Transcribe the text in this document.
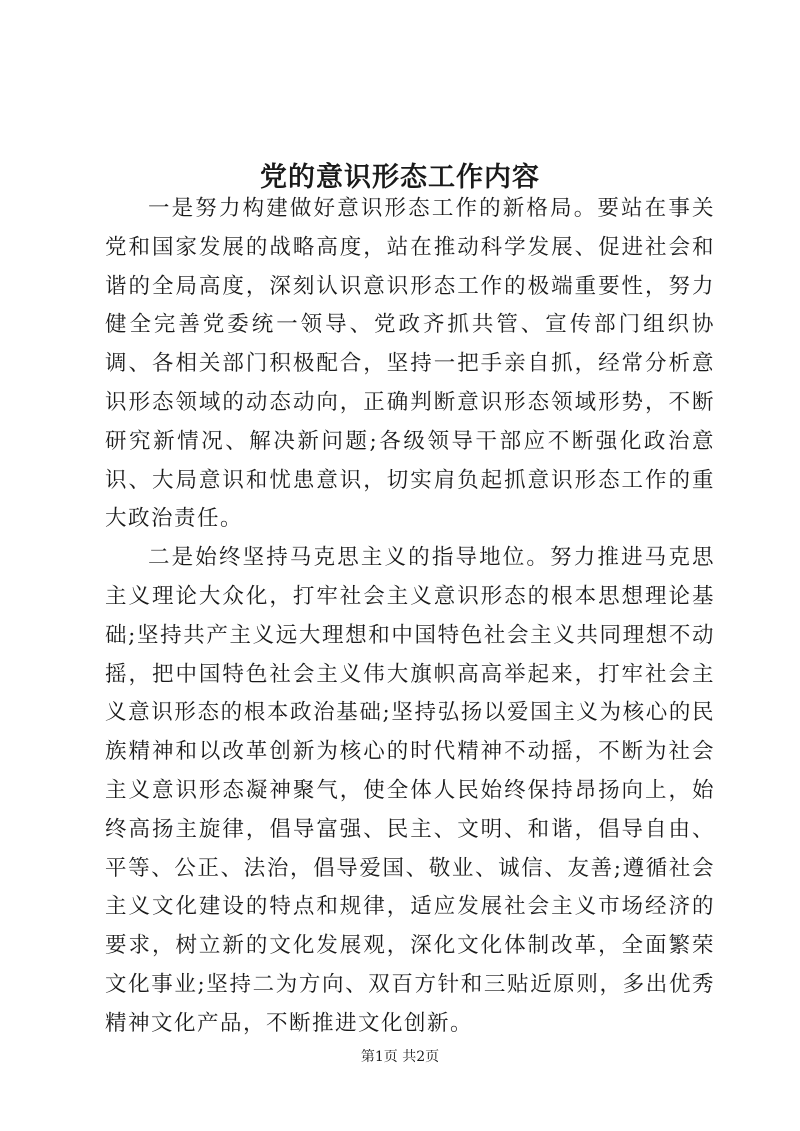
党的意识形态工作内容

一是努力构建做好意识形态工作的新格局。要站在事关党和国家发展的战略高度，站在推动科学发展、促进社会和谐的全局高度，深刻认识意识形态工作的极端重要性，努力健全完善党委统一领导、党政齐抓共管、宣传部门组织协调、各相关部门积极配合，坚持一把手亲自抓，经常分析意识形态领域的动态动向，正确判断意识形态领域形势，不断研究新情况、解决新问题;各级领导干部应不断强化政治意识、大局意识和忧患意识，切实肩负起抓意识形态工作的重大政治责任。

二是始终坚持马克思主义的指导地位。努力推进马克思主义理论大众化，打牢社会主义意识形态的根本思想理论基础;坚持共产主义远大理想和中国特色社会主义共同理想不动摇，把中国特色社会主义伟大旗帜高高举起来，打牢社会主义意识形态的根本政治基础;坚持弘扬以爱国主义为核心的民族精神和以改革创新为核心的时代精神不动摇，不断为社会主义意识形态凝神聚气，使全体人民始终保持昂扬向上，始终高扬主旋律，倡导富强、民主、文明、和谐，倡导自由、平等、公正、法治，倡导爱国、敬业、诚信、友善;遵循社会主义文化建设的特点和规律，适应发展社会主义市场经济的要求，树立新的文化发展观，深化文化体制改革，全面繁荣文化事业;坚持二为方向、双百方针和三贴近原则，多出优秀精神文化产品，不断推进文化创新。

第1页 共2页
